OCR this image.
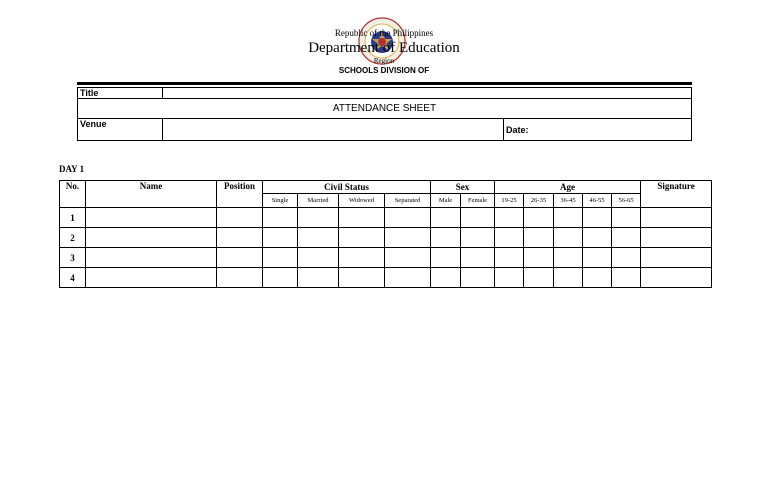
Republic of the Philippines
Department of Education
Region
SCHOOLS DIVISION OF
Title		
ATTENDANCE SHEET		
Venue		Date:
DAY 1
No.	Name	Position	Civil Status				Sex		Age					Signature
			Single	Married	Widowed	Separated	Male	Female	19-25	26-35	36-45	46-55	56-65	
1														
2														
3														
4														
